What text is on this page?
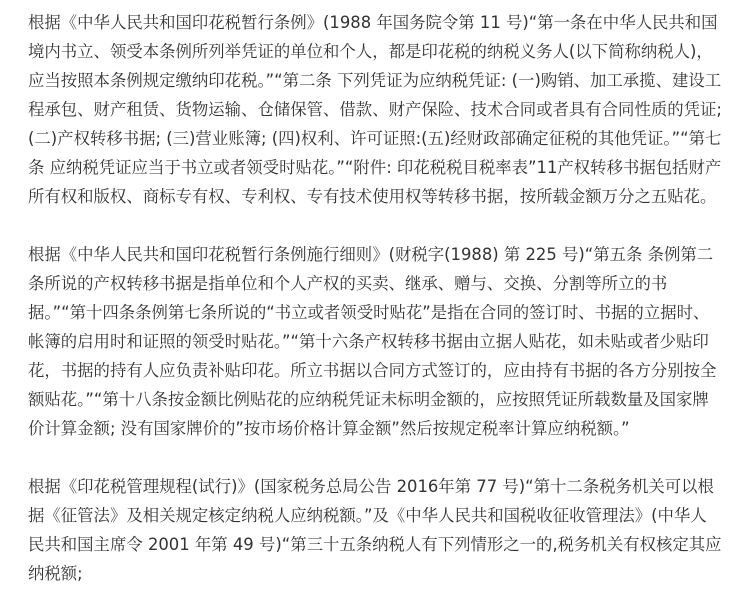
根据《中华人民共和国印花税暂行条例》(1988 年国务院令第 11 号)“第一条在中华人民共和国境内书立、领受本条例所列举凭证的单位和个人，都是印花税的纳税义务人(以下简称纳税人)，应当按照本条例规定缴纳印花税。”“第二条 下列凭证为应纳税凭证: (一)购销、加工承揽、建设工程承包、财产租赁、货物运输、仓储保管、借款、财产保险、技术合同或者具有合同性质的凭证; (二)产权转移书据; (三)营业账簿; (四)权利、许可证照:(五)经财政部确定征税的其他凭证。”“第七条 应纳税凭证应当于书立或者领受时贴花。”“附件: 印花税税目税率表”11产权转移书据包括财产所有权和版权、商标专有权、专利权、专有技术使用权等转移书据，按所载金额万分之五贴花。

根据《中华人民共和国印花税暂行条例施行细则》(财税字(1988) 第 225 号)“第五条 条例第二条所说的产权转移书据是指单位和个人产权的买卖、继承、赠与、交换、分割等所立的书据。”“第十四条条例第七条所说的“书立或者领受时贴花”是指在合同的签订时、书据的立据时、帐簿的启用时和证照的领受时贴花。”“第十六条产权转移书据由立据人贴花，如未贴或者少贴印花，书据的持有人应负责补贴印花。所立书据以合同方式签订的，应由持有书据的各方分别按全额贴花。”“第十八条按金额比例贴花的应纳税凭证未标明金额的，应按照凭证所载数量及国家牌价计算金额; 没有国家牌价的”按市场价格计算金额”然后按规定税率计算应纳税额。”

根据《印花税管理规程(试行)》(国家税务总局公告 2016年第 77 号)“第十二条税务机关可以根据《征管法》及相关规定核定纳税人应纳税额。”及《中华人民共和国税收征收管理法》(中华人民共和国主席令 2001 年第 49 号)“第三十五条纳税人有下列情形之一的,税务机关有权核定其应纳税额;
